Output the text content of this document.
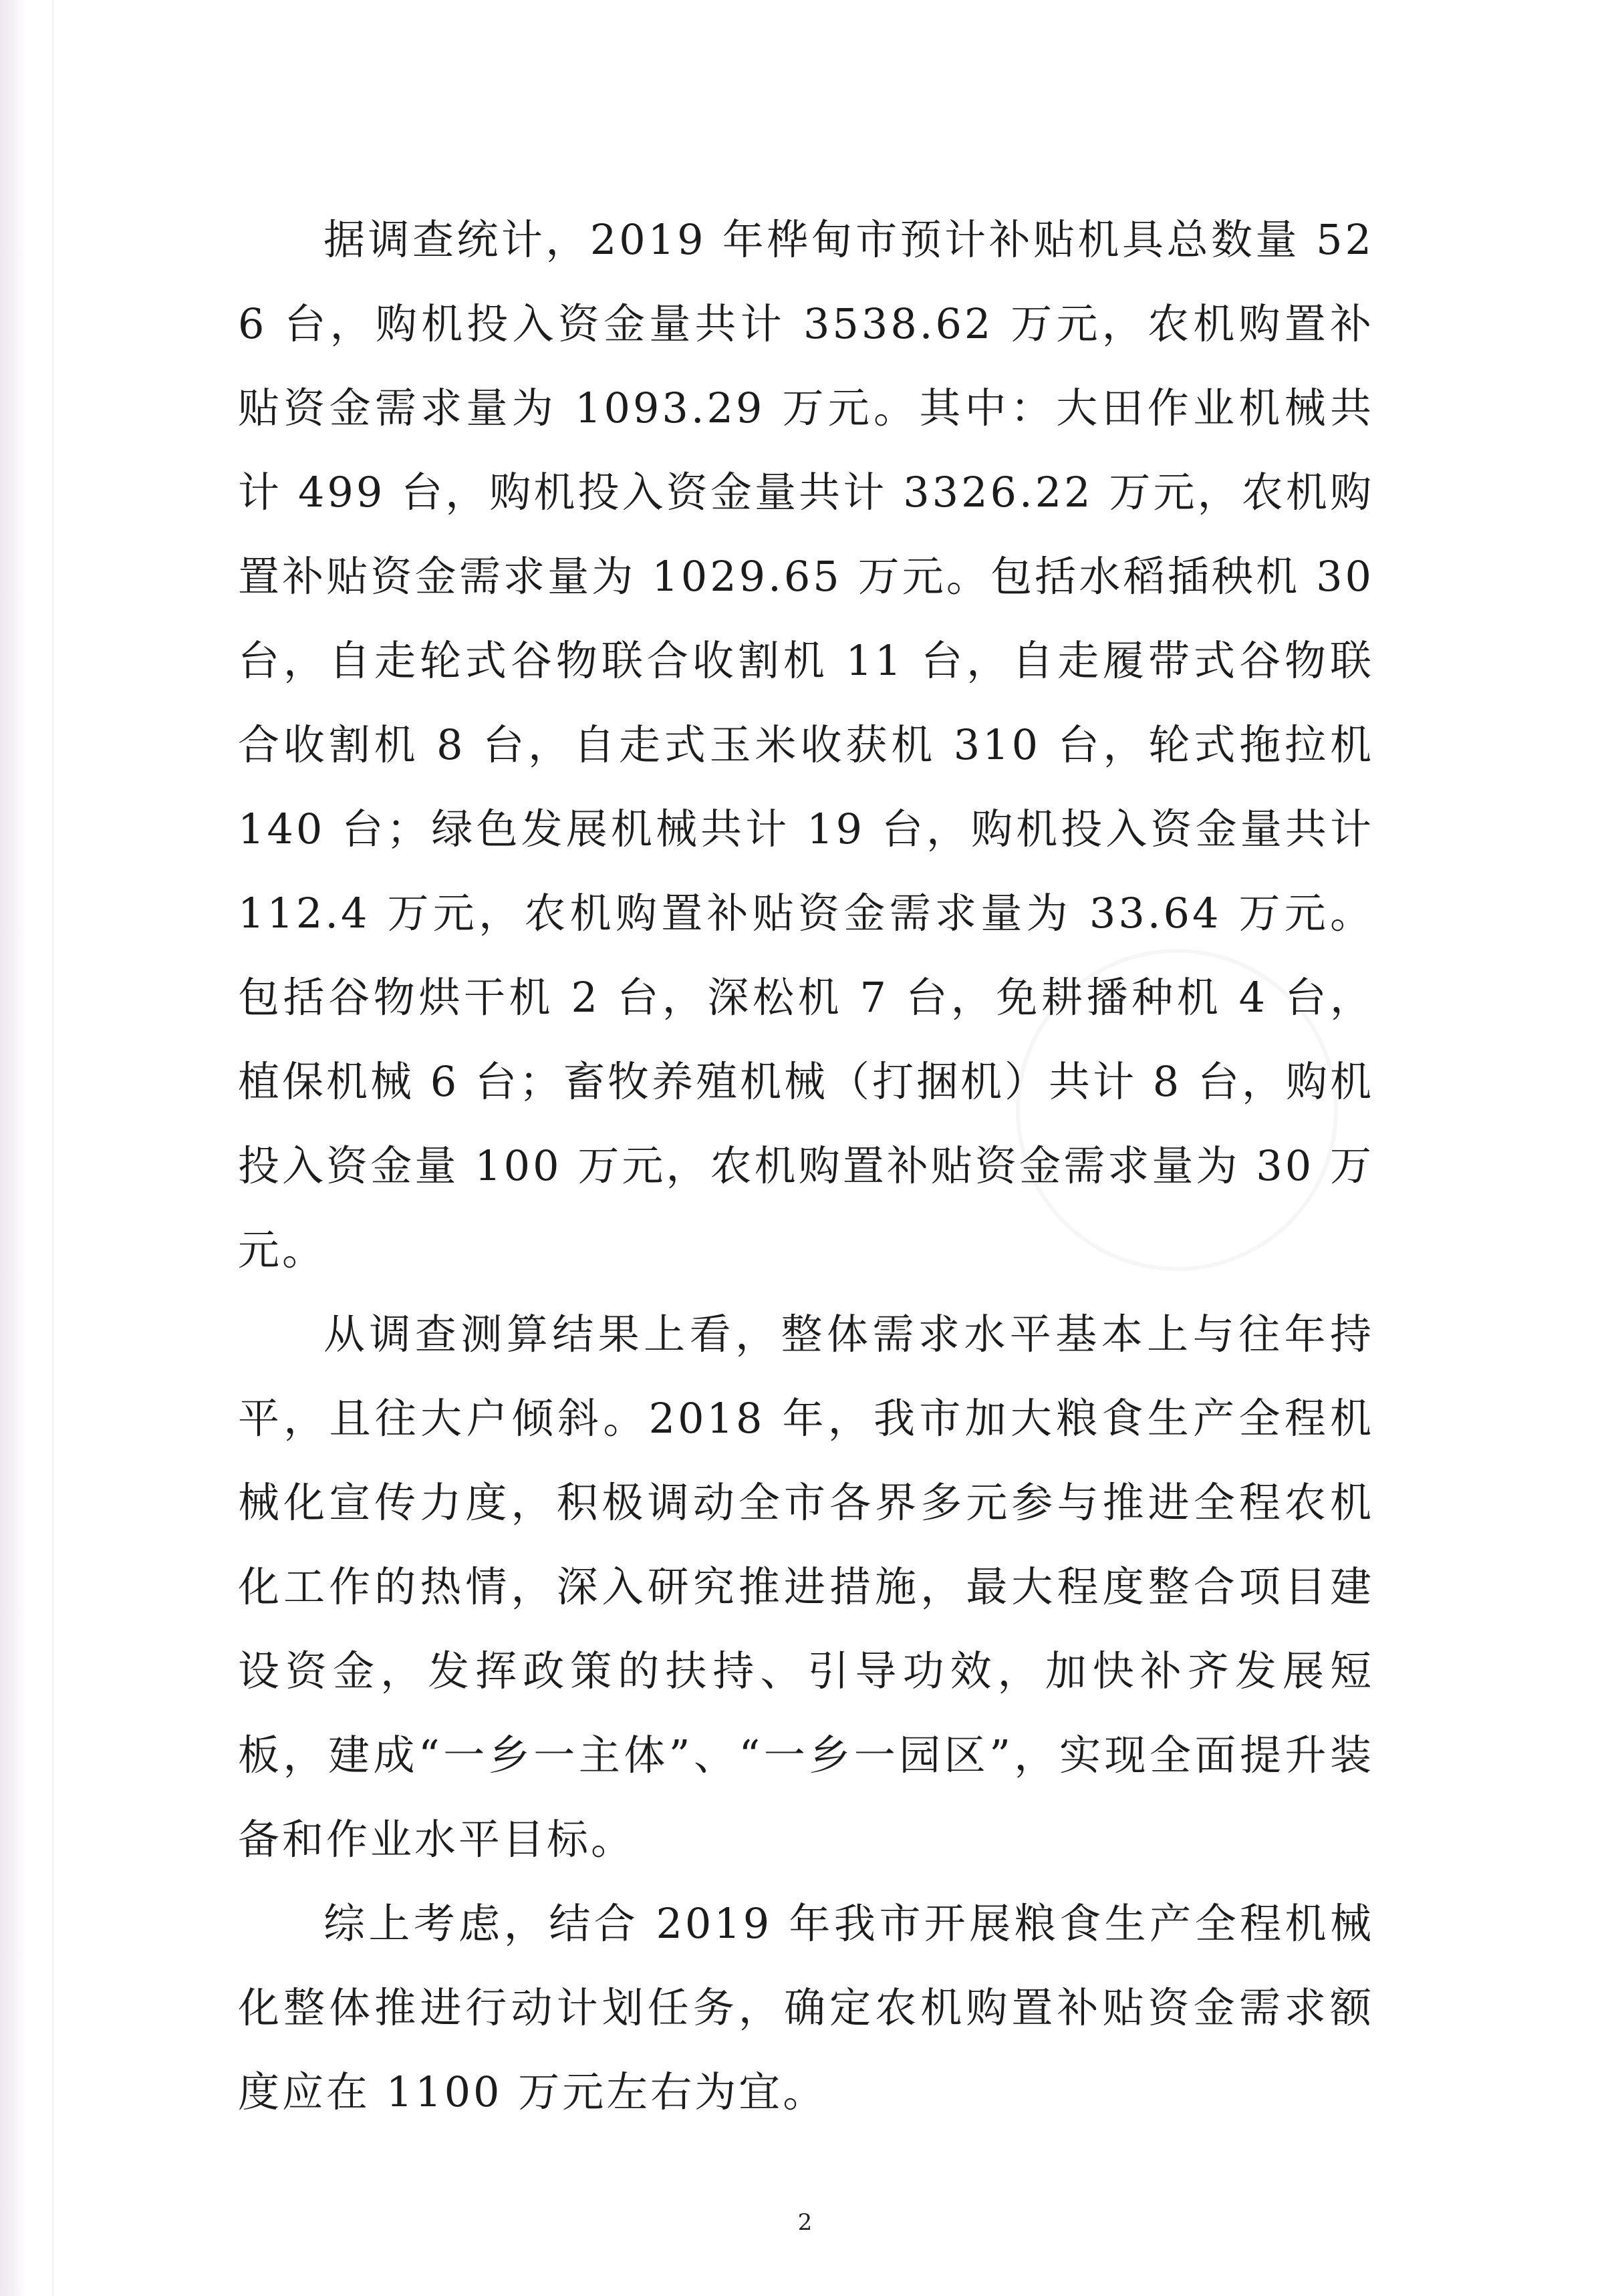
据调查统计，2019 年桦甸市预计补贴机具总数量 526 台，购机投入资金量共计 3538.62 万元，农机购置补贴资金需求量为 1093.29 万元。其中：大田作业机械共计 499 台，购机投入资金量共计 3326.22 万元，农机购置补贴资金需求量为 1029.65 万元。包括水稻插秧机 30 台，自走轮式谷物联合收割机 11 台，自走履带式谷物联合收割机 8 台，自走式玉米收获机 310 台，轮式拖拉机 140 台；绿色发展机械共计 19 台，购机投入资金量共计 112.4 万元，农机购置补贴资金需求量为 33.64 万元。包括谷物烘干机 2 台，深松机 7 台，免耕播种机 4 台，植保机械 6 台；畜牧养殖机械（打捆机）共计 8 台，购机投入资金量 100 万元，农机购置补贴资金需求量为 30 万元。

从调查测算结果上看，整体需求水平基本上与往年持平，且往大户倾斜。2018 年，我市加大粮食生产全程机械化宣传力度，积极调动全市各界多元参与推进全程农机化工作的热情，深入研究推进措施，最大程度整合项目建设资金，发挥政策的扶持、引导功效，加快补齐发展短板，建成“一乡一主体”、“一乡一园区”，实现全面提升装备和作业水平目标。

综上考虑，结合 2019 年我市开展粮食生产全程机械化整体推进行动计划任务，确定农机购置补贴资金需求额度应在 1100 万元左右为宜。

2
